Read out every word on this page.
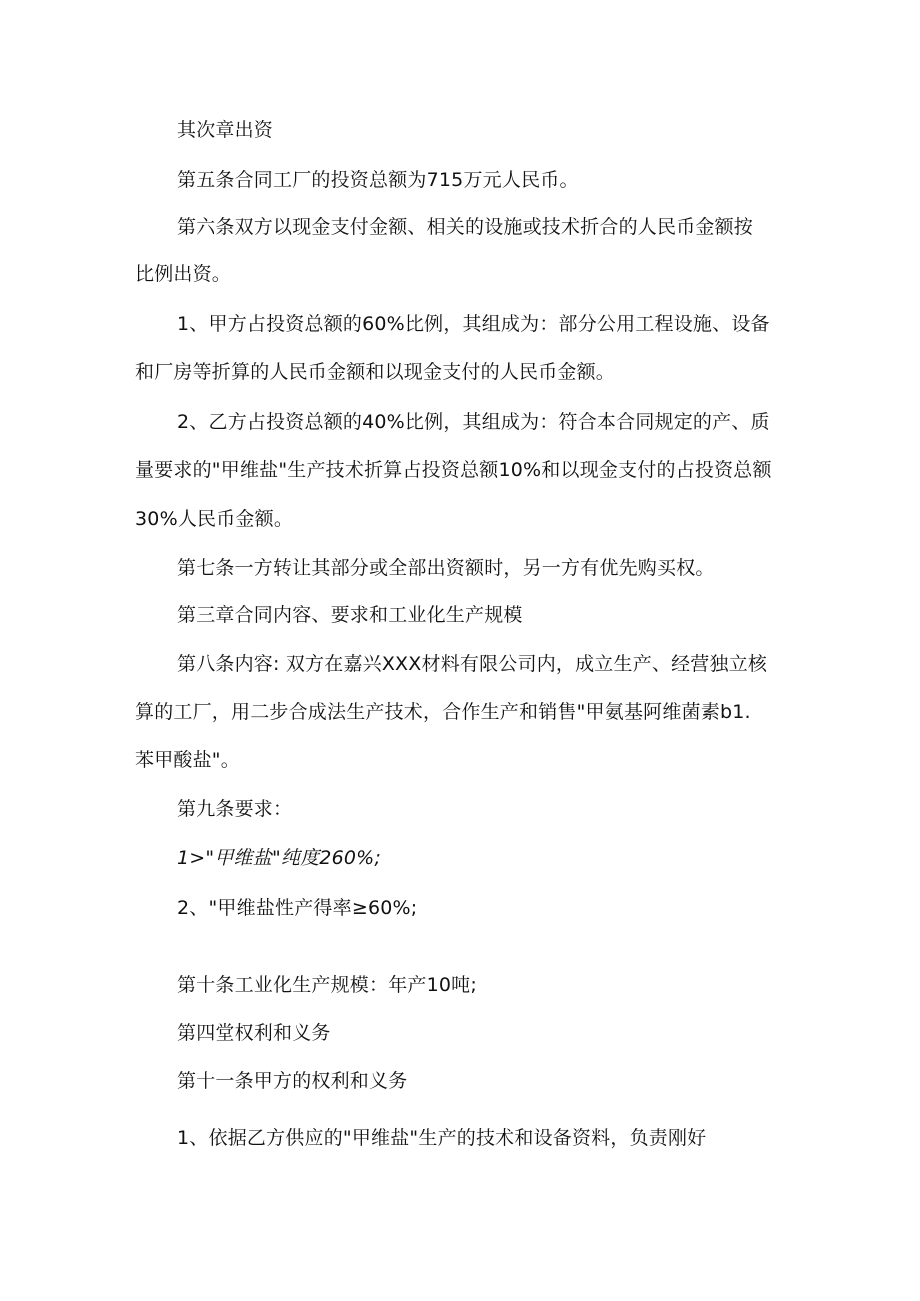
其次章出资
第五条合同工厂的投资总额为715万元人民币。
第六条双方以现金支付金额、相关的设施或技术折合的人民币金额按
比例出资。
1、甲方占投资总额的60%比例，其组成为：部分公用工程设施、设备
和厂房等折算的人民币金额和以现金支付的人民币金额。
2、乙方占投资总额的40%比例，其组成为：符合本合同规定的产、质
量要求的"甲维盐"生产技术折算占投资总额10%和以现金支付的占投资总额
30%人民币金额。
第七条一方转让其部分或全部出资额时，另一方有优先购买权。
第三章合同内容、要求和工业化生产规模
第八条内容: 双方在嘉兴XXX材料有限公司内，成立生产、经营独立核
算的工厂，用二步合成法生产技术，合作生产和销售"甲氨基阿维菌素b1.
苯甲酸盐"。
第九条要求：
1>"甲维盐"纯度260%;
2、"甲维盐性产得率≥60%;
第十条工业化生产规模：年产10吨;
第四堂权利和义务
第十一条甲方的权利和义务
1、依据乙方供应的"甲维盐"生产的技术和设备资料，负责刚好
